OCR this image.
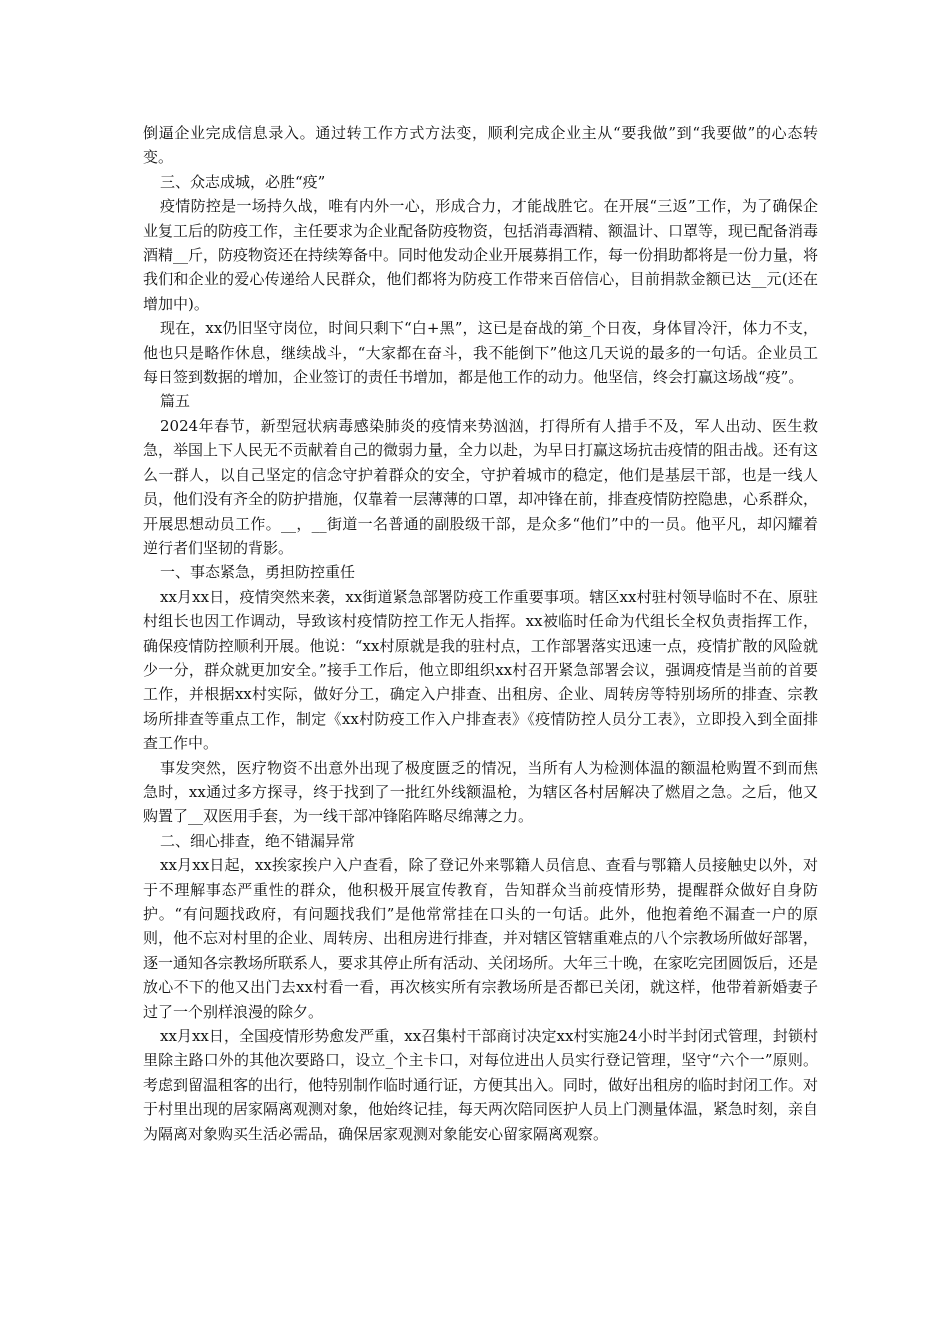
倒逼企业完成信息录入。通过转工作方式方法变，顺利完成企业主从“要我做”到“我要做”的心态转变。

三、众志成城，必胜“疫”

疫情防控是一场持久战，唯有内外一心，形成合力，才能战胜它。在开展“三返”工作，为了确保企业复工后的防疫工作，主任要求为企业配备防疫物资，包括消毒酒精、额温计、口罩等，现已配备消毒酒精__斤，防疫物资还在持续筹备中。同时他发动企业开展募捐工作，每一份捐助都将是一份力量，将我们和企业的爱心传递给人民群众，他们都将为防疫工作带来百倍信心，目前捐款金额已达__元(还在增加中)。

现在，xx仍旧坚守岗位，时间只剩下“白+黑”，这已是奋战的第_个日夜，身体冒冷汗，体力不支，他也只是略作休息，继续战斗，“大家都在奋斗，我不能倒下”他这几天说的最多的一句话。企业员工每日签到数据的增加，企业签订的责任书增加，都是他工作的动力。他坚信，终会打赢这场战“疫”。

篇五

2024年春节，新型冠状病毒感染肺炎的疫情来势汹汹，打得所有人措手不及，军人出动、医生救急，举国上下人民无不贡献着自己的微弱力量，全力以赴，为早日打赢这场抗击疫情的阻击战。还有这么一群人，以自己坚定的信念守护着群众的安全，守护着城市的稳定，他们是基层干部，也是一线人员，他们没有齐全的防护措施，仅靠着一层薄薄的口罩，却冲锋在前，排查疫情防控隐患，心系群众，开展思想动员工作。__，__街道一名普通的副股级干部，是众多“他们”中的一员。他平凡，却闪耀着逆行者们坚韧的背影。

一、事态紧急，勇担防控重任

xx月xx日，疫情突然来袭，xx街道紧急部署防疫工作重要事项。辖区xx村驻村领导临时不在、原驻村组长也因工作调动，导致该村疫情防控工作无人指挥。xx被临时任命为代组长全权负责指挥工作，确保疫情防控顺利开展。他说：“xx村原就是我的驻村点，工作部署落实迅速一点，疫情扩散的风险就少一分，群众就更加安全。”接手工作后，他立即组织xx村召开紧急部署会议，强调疫情是当前的首要工作，并根据xx村实际，做好分工，确定入户排查、出租房、企业、周转房等特别场所的排查、宗教场所排查等重点工作，制定《xx村防疫工作入户排查表》《疫情防控人员分工表》，立即投入到全面排查工作中。

事发突然，医疗物资不出意外出现了极度匮乏的情况，当所有人为检测体温的额温枪购置不到而焦急时，xx通过多方探寻，终于找到了一批红外线额温枪，为辖区各村居解决了燃眉之急。之后，他又购置了__双医用手套，为一线干部冲锋陷阵略尽绵薄之力。

二、细心排查，绝不错漏异常

xx月xx日起，xx挨家挨户入户查看，除了登记外来鄂籍人员信息、查看与鄂籍人员接触史以外，对于不理解事态严重性的群众，他积极开展宣传教育，告知群众当前疫情形势，提醒群众做好自身防护。“有问题找政府，有问题找我们”是他常常挂在口头的一句话。此外，他抱着绝不漏查一户的原则，他不忘对村里的企业、周转房、出租房进行排查，并对辖区管辖重难点的八个宗教场所做好部署，逐一通知各宗教场所联系人，要求其停止所有活动、关闭场所。大年三十晚，在家吃完团圆饭后，还是放心不下的他又出门去xx村看一看，再次核实所有宗教场所是否都已关闭，就这样，他带着新婚妻子过了一个别样浪漫的除夕。

xx月xx日，全国疫情形势愈发严重，xx召集村干部商讨决定xx村实施24小时半封闭式管理，封锁村里除主路口外的其他次要路口，设立_个主卡口，对每位进出人员实行登记管理，坚守“六个一”原则。考虑到留温租客的出行，他特别制作临时通行证，方便其出入。同时，做好出租房的临时封闭工作。对于村里出现的居家隔离观测对象，他始终记挂，每天两次陪同医护人员上门测量体温，紧急时刻，亲自为隔离对象购买生活必需品，确保居家观测对象能安心留家隔离观察。
